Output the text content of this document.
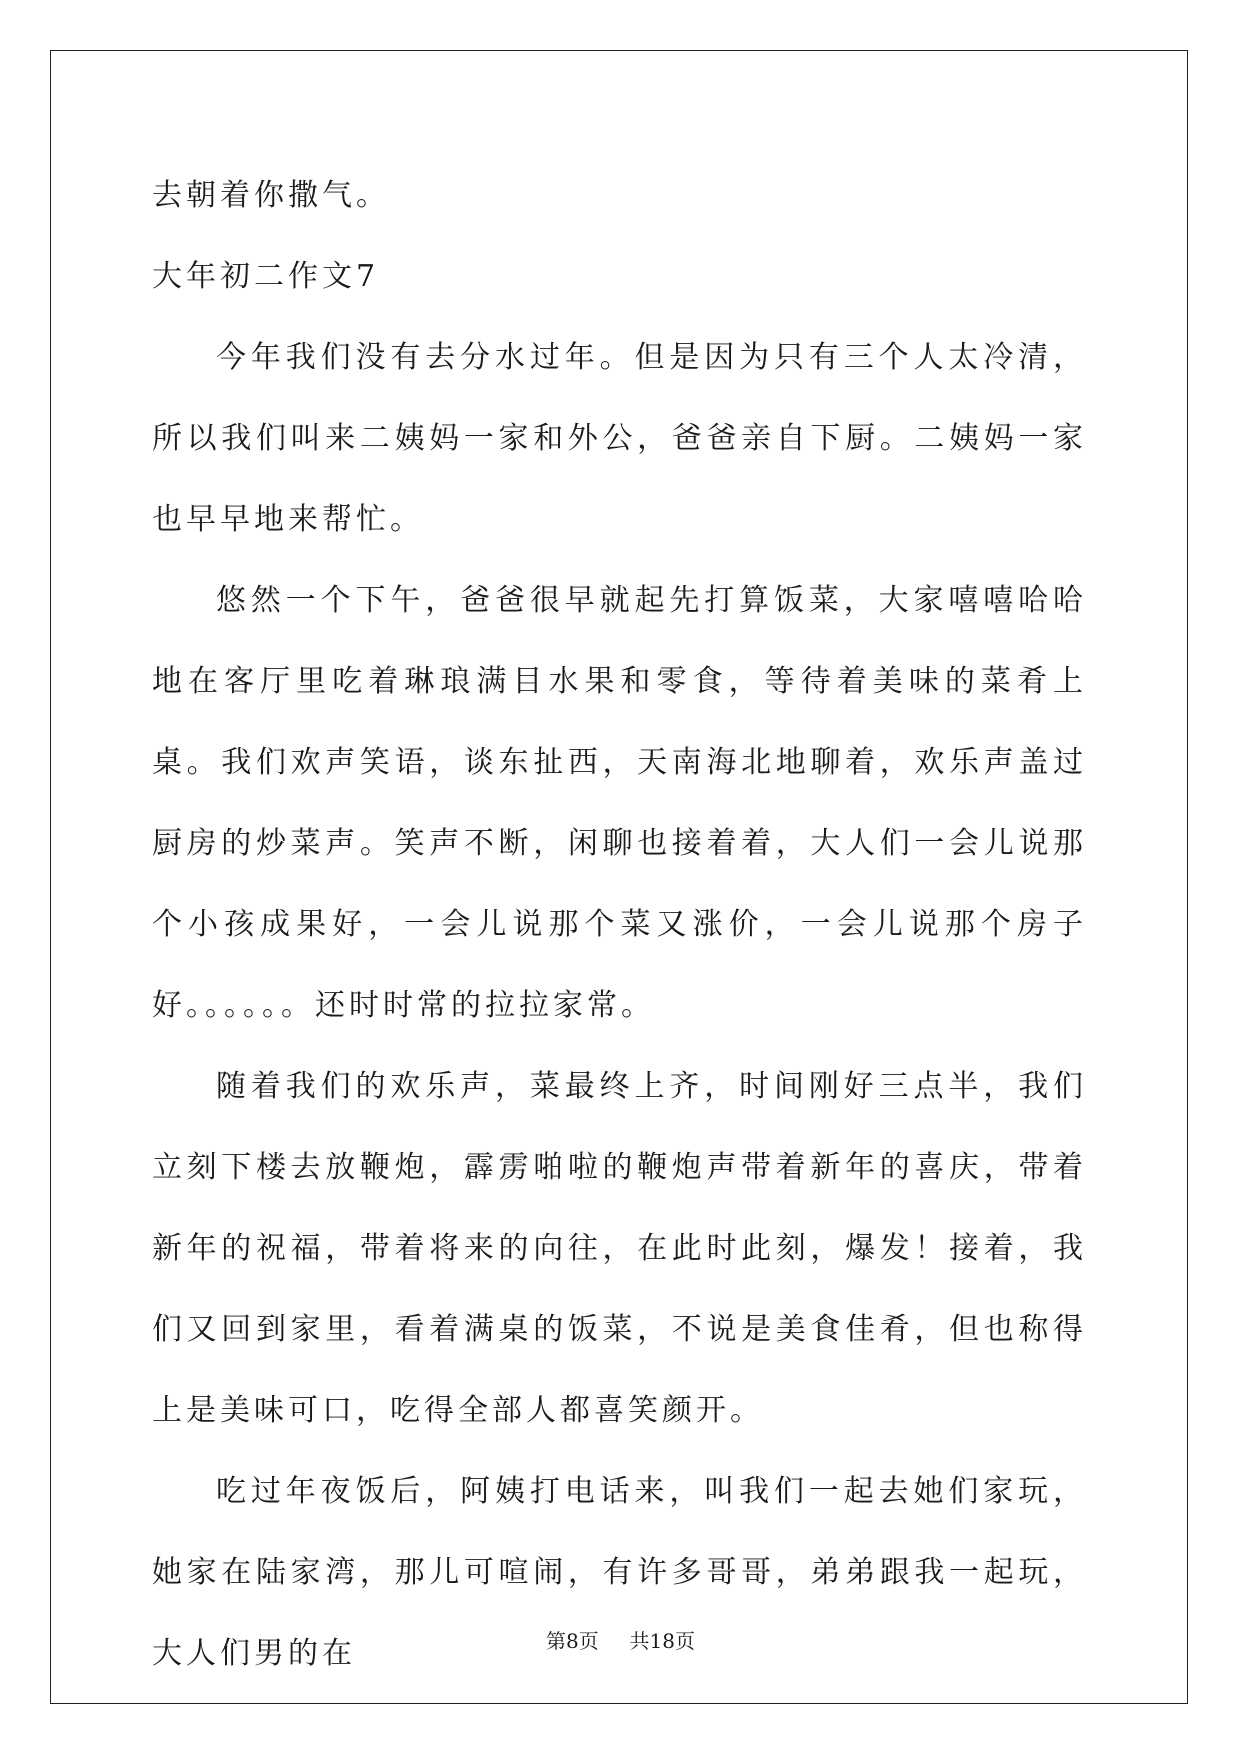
去朝着你撒气。

大年初二作文7

今年我们没有去分水过年。但是因为只有三个人太冷清，所以我们叫来二姨妈一家和外公，爸爸亲自下厨。二姨妈一家也早早地来帮忙。

悠然一个下午，爸爸很早就起先打算饭菜，大家嘻嘻哈哈地在客厅里吃着琳琅满目水果和零食，等待着美味的菜肴上桌。我们欢声笑语，谈东扯西，天南海北地聊着，欢乐声盖过厨房的炒菜声。笑声不断，闲聊也接着着，大人们一会儿说那个小孩成果好，一会儿说那个菜又涨价，一会儿说那个房子好。。。。。。还时时常的拉拉家常。

随着我们的欢乐声，菜最终上齐，时间刚好三点半，我们立刻下楼去放鞭炮，霹雳啪啦的鞭炮声带着新年的喜庆，带着新年的祝福，带着将来的向往，在此时此刻，爆发！接着，我们又回到家里，看着满桌的饭菜，不说是美食佳肴，但也称得上是美味可口，吃得全部人都喜笑颜开。

吃过年夜饭后，阿姨打电话来，叫我们一起去她们家玩，她家在陆家湾，那儿可喧闹，有许多哥哥，弟弟跟我一起玩，大人们男的在	第8页 共18页
